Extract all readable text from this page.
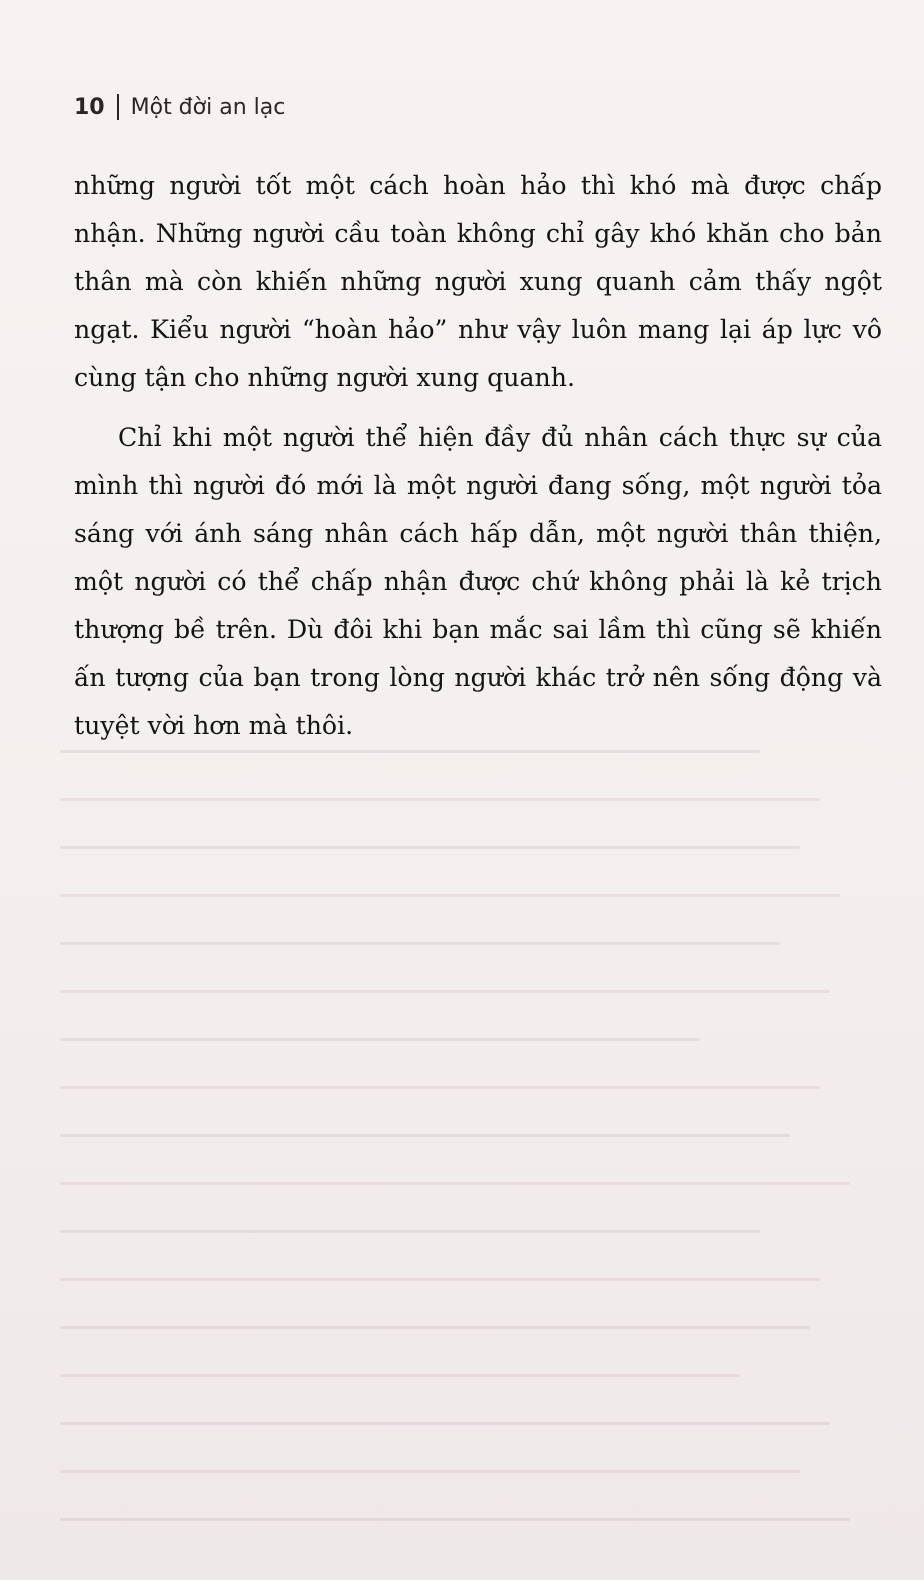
10 Một đời an lạc

những người tốt một cách hoàn hảo thì khó mà được chấp nhận. Những người cầu toàn không chỉ gây khó khăn cho bản thân mà còn khiến những người xung quanh cảm thấy ngột ngạt. Kiểu người “hoàn hảo” như vậy luôn mang lại áp lực vô cùng tận cho những người xung quanh.

Chỉ khi một người thể hiện đầy đủ nhân cách thực sự của mình thì người đó mới là một người đang sống, một người tỏa sáng với ánh sáng nhân cách hấp dẫn, một người thân thiện, một người có thể chấp nhận được chứ không phải là kẻ trịch thượng bề trên. Dù đôi khi bạn mắc sai lầm thì cũng sẽ khiến ấn tượng của bạn trong lòng người khác trở nên sống động và tuyệt vời hơn mà thôi.
